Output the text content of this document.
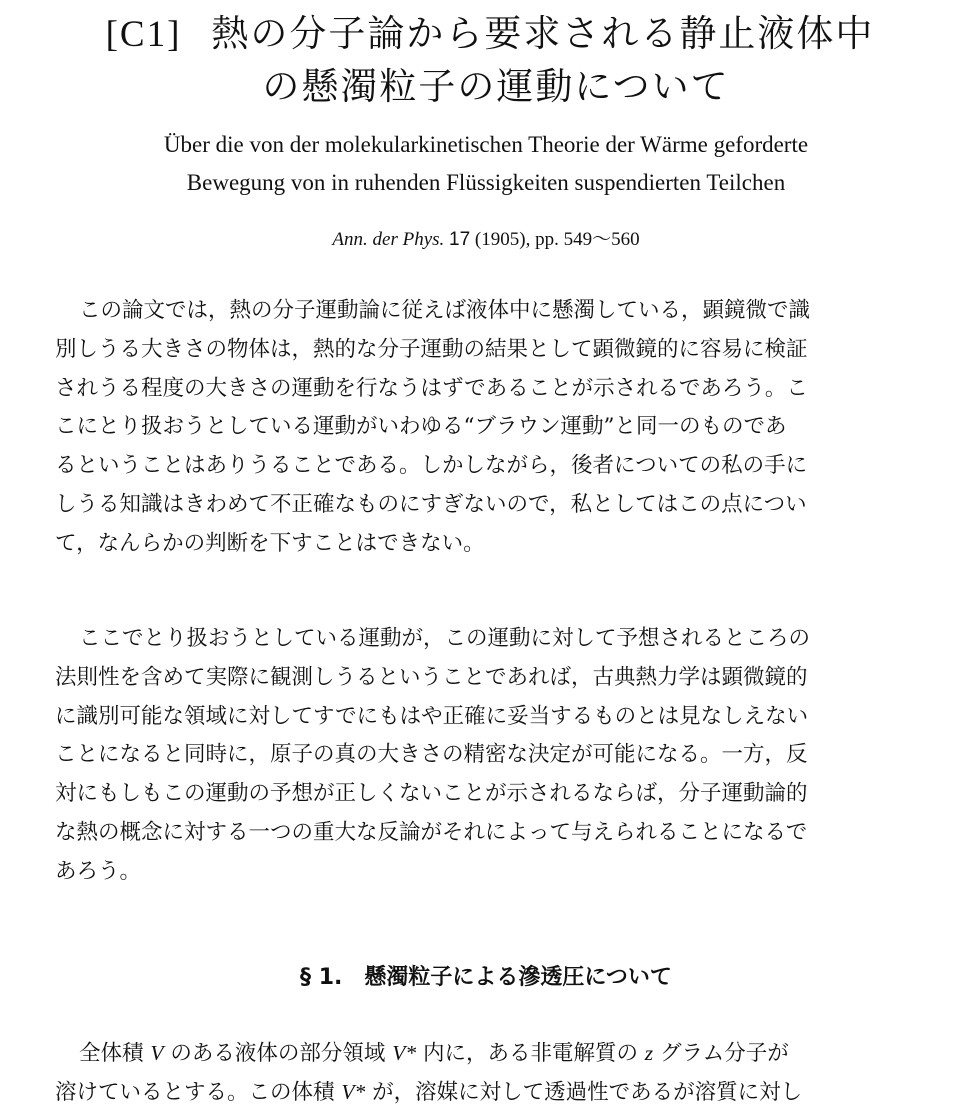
[C1] 熱の分子論から要求される静止液体中
の懸濁粒子の運動について
Über die von der molekularkinetischen Theorie der Wärme geforderte
Bewegung von in ruhenden Flüssigkeiten suspendierten Teilchen
Ann. der Phys. 17 (1905), pp. 549～560
この論文では，熱の分子運動論に従えば液体中に懸濁している，顕鏡微で識
別しうる大きさの物体は，熱的な分子運動の結果として顕微鏡的に容易に検証
されうる程度の大きさの運動を行なうはずであることが示されるであろう。こ
こにとり扱おうとしている運動がいわゆる“ブラウン運動”と同一のものであ
るということはありうることである。しかしながら，後者についての私の手に
しうる知識はきわめて不正確なものにすぎないので，私としてはこの点につい
て，なんらかの判断を下すことはできない。
ここでとり扱おうとしている運動が，この運動に対して予想されるところの
法則性を含めて実際に観測しうるということであれば，古典熱力学は顕微鏡的
に識別可能な領域に対してすでにもはや正確に妥当するものとは見なしえない
ことになると同時に，原子の真の大きさの精密な決定が可能になる。一方，反
対にもしもこの運動の予想が正しくないことが示されるならば，分子運動論的
な熱の概念に対する一つの重大な反論がそれによって与えられることになるで
あろう。
§ 1. 懸濁粒子による滲透圧について
全体積 V のある液体の部分領域 V* 内に，ある非電解質の z グラム分子が
溶けているとする。この体積 V* が，溶媒に対して透過性であるが溶質に対し
